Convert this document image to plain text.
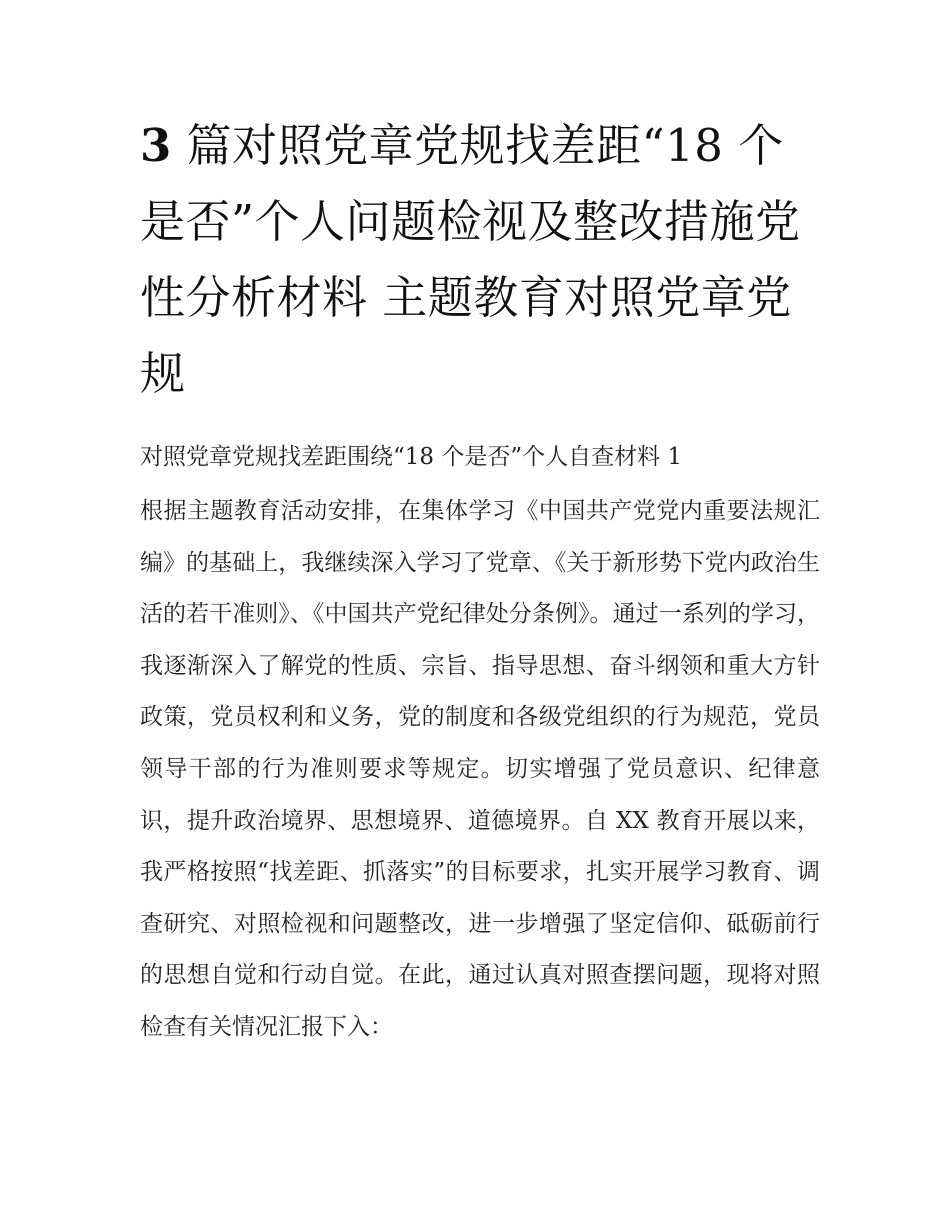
3 篇对照党章党规找差距“18 个是否”个人问题检视及整改措施党性分析材料 主题教育对照党章党规

对照党章党规找差距围绕“18 个是否”个人自查材料 1

根据主题教育活动安排，在集体学习《中国共产党党内重要法规汇编》的基础上，我继续深入学习了党章、《关于新形势下党内政治生活的若干准则》、《中国共产党纪律处分条例》。通过一系列的学习，我逐渐深入了解党的性质、宗旨、指导思想、奋斗纲领和重大方针政策，党员权利和义务，党的制度和各级党组织的行为规范，党员领导干部的行为准则要求等规定。切实增强了党员意识、纪律意识，提升政治境界、思想境界、道德境界。自 XX 教育开展以来，我严格按照“找差距、抓落实”的目标要求，扎实开展学习教育、调查研究、对照检视和问题整改，进一步增强了坚定信仰、砥砺前行的思想自觉和行动自觉。在此，通过认真对照查摆问题，现将对照检查有关情况汇报下入：
